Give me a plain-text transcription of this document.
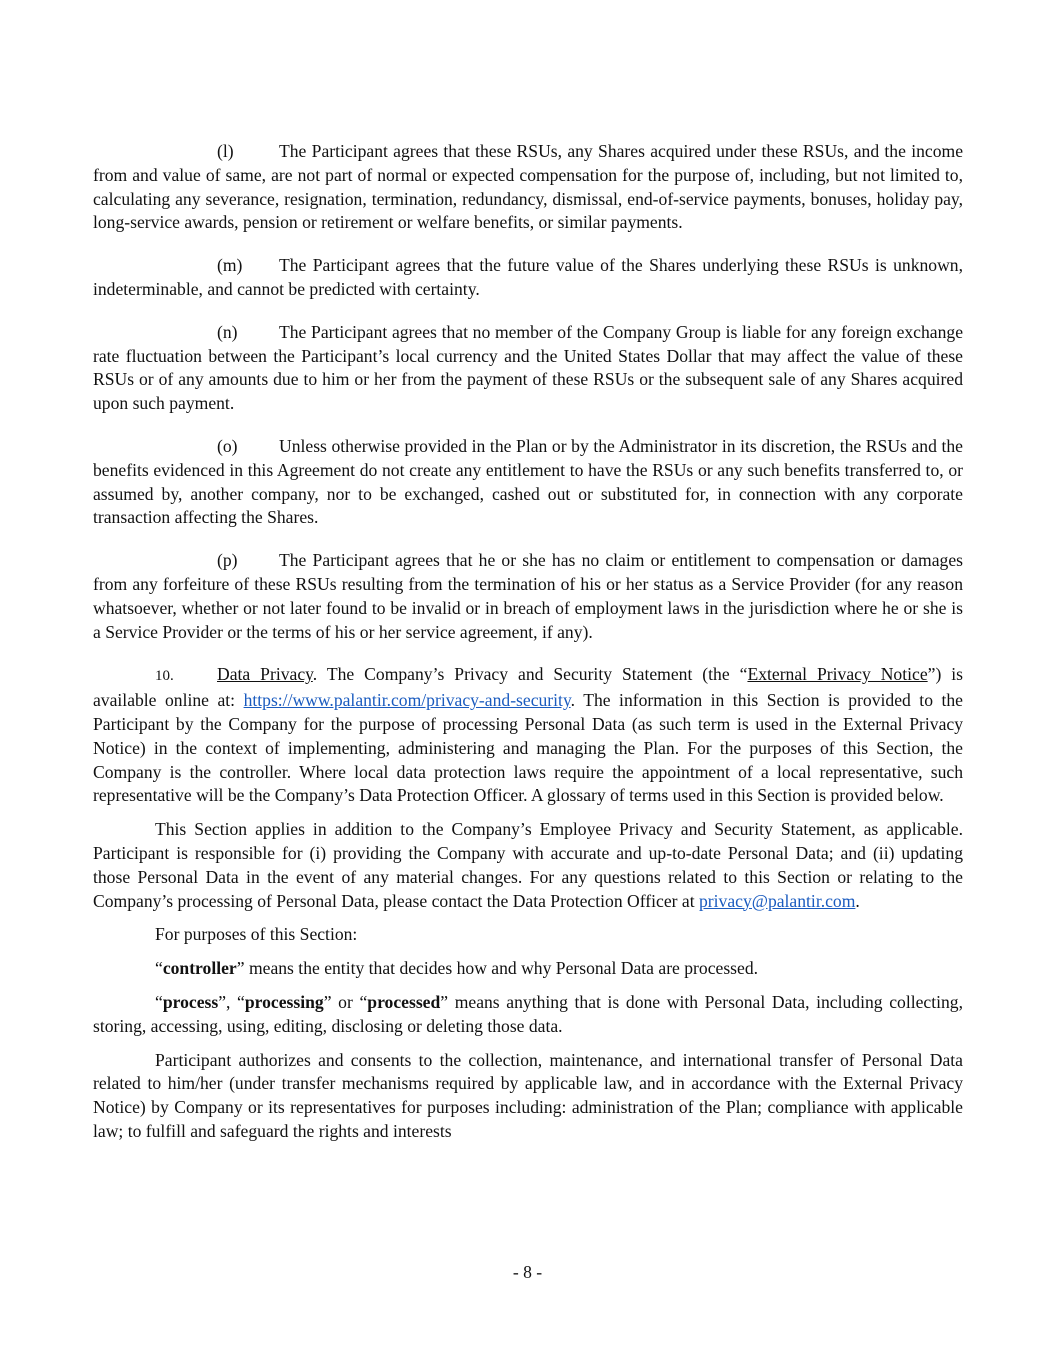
(l)	The Participant agrees that these RSUs, any Shares acquired under these RSUs, and the income from and value of same, are not part of normal or expected compensation for the purpose of, including, but not limited to, calculating any severance, resignation, termination, redundancy, dismissal, end-of-service payments, bonuses, holiday pay, long-service awards, pension or retirement or welfare benefits, or similar payments.

(m) The Participant agrees that the future value of the Shares underlying these RSUs is unknown, indeterminable, and cannot be predicted with certainty.

(n) The Participant agrees that no member of the Company Group is liable for any foreign exchange rate fluctuation between the Participant’s local currency and the United States Dollar that may affect the value of these RSUs or of any amounts due to him or her from the payment of these RSUs or the subsequent sale of any Shares acquired upon such payment.

(o) Unless otherwise provided in the Plan or by the Administrator in its discretion, the RSUs and the benefits evidenced in this Agreement do not create any entitlement to have the RSUs or any such benefits transferred to, or assumed by, another company, nor to be exchanged, cashed out or substituted for, in connection with any corporate transaction affecting the Shares.

(p) The Participant agrees that he or she has no claim or entitlement to compensation or damages from any forfeiture of these RSUs resulting from the termination of his or her status as a Service Provider (for any reason whatsoever, whether or not later found to be invalid or in breach of employment laws in the jurisdiction where he or she is a Service Provider or the terms of his or her service agreement, if any).

10. Data Privacy. The Company’s Privacy and Security Statement (the “External Privacy Notice”) is available online at: https://www.palantir.com/privacy-and-security. The information in this Section is provided to the Participant by the Company for the purpose of processing Personal Data (as such term is used in the External Privacy Notice) in the context of implementing, administering and managing the Plan. For the purposes of this Section, the Company is the controller. Where local data protection laws require the appointment of a local representative, such representative will be the Company’s Data Protection Officer. A glossary of terms used in this Section is provided below.

This Section applies in addition to the Company’s Employee Privacy and Security Statement, as applicable. Participant is responsible for (i) providing the Company with accurate and up-to-date Personal Data; and (ii) updating those Personal Data in the event of any material changes. For any questions related to this Section or relating to the Company’s processing of Personal Data, please contact the Data Protection Officer at privacy@palantir.com.

For purposes of this Section:

“controller” means the entity that decides how and why Personal Data are processed.

“process”, “processing” or “processed” means anything that is done with Personal Data, including collecting, storing, accessing, using, editing, disclosing or deleting those data.

Participant authorizes and consents to the collection, maintenance, and international transfer of Personal Data related to him/her (under transfer mechanisms required by applicable law, and in accordance with the External Privacy Notice) by Company or its representatives for purposes including: administration of the Plan; compliance with applicable law; to fulfill and safeguard the rights and interests

- 8 -
